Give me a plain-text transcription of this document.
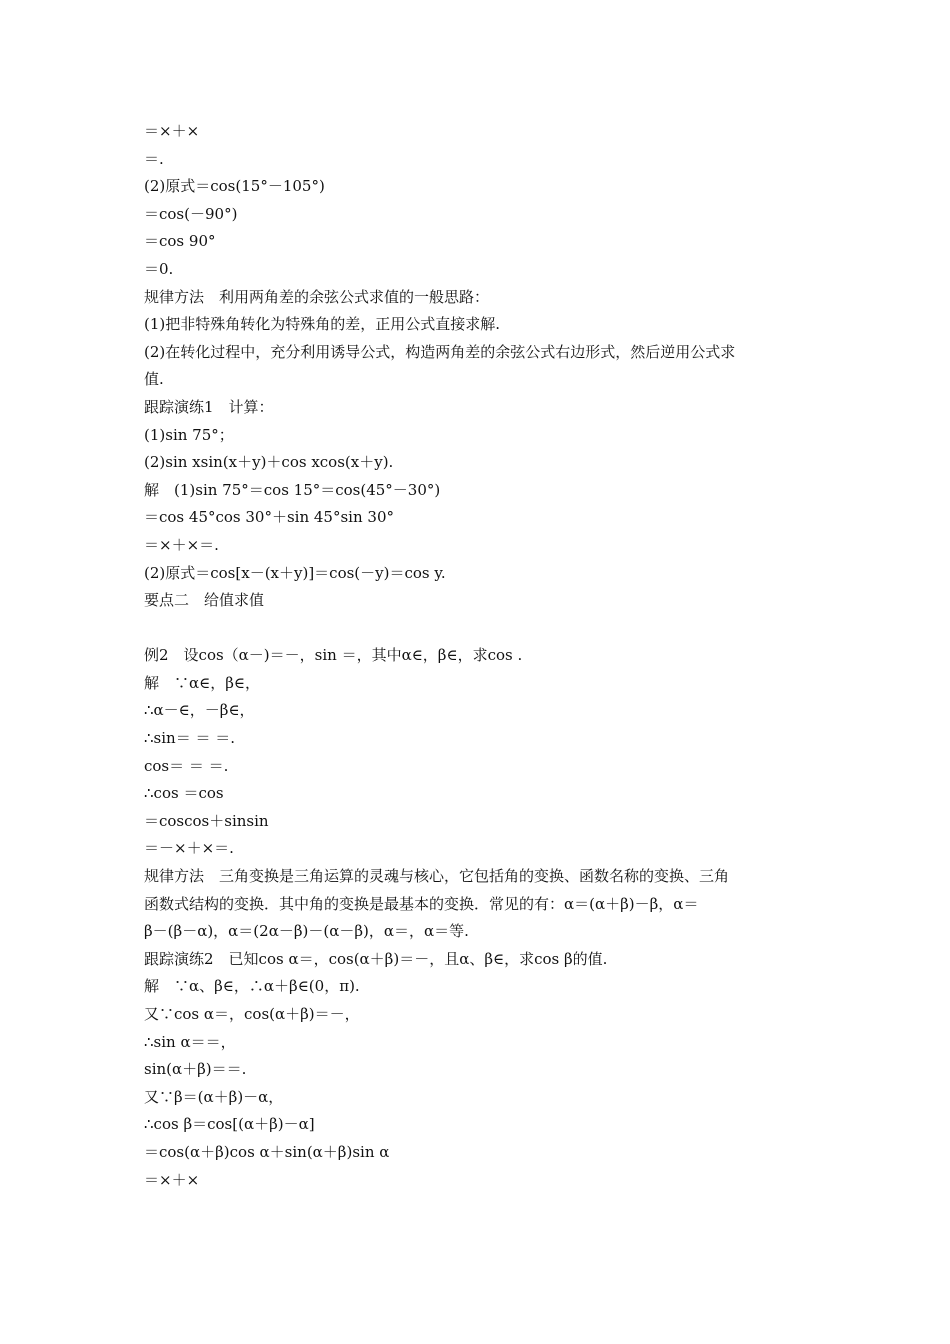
＝×＋×
＝.
(2)原式＝cos(15°－105°)
＝cos(－90°)
＝cos 90°
＝0.
规律方法　利用两角差的余弦公式求值的一般思路：
(1)把非特殊角转化为特殊角的差，正用公式直接求解.
(2)在转化过程中，充分利用诱导公式，构造两角差的余弦公式右边形式，然后逆用公式求
值.
跟踪演练1　计算：
(1)sin 75°；
(2)sin xsin(x＋y)＋cos xcos(x＋y).
解　(1)sin 75°＝cos 15°＝cos(45°－30°)
＝cos 45°cos 30°＋sin 45°sin 30°
＝×＋×＝.
(2)原式＝cos[x－(x＋y)]＝cos(－y)＝cos y.
要点二　给值求值
例2　设cos（α－)＝－，sin ＝，其中α∈，β∈，求cos .
解　∵α∈，β∈，
∴α－∈，－β∈，
∴sin＝ ＝ ＝.
cos＝ ＝ ＝.
∴cos ＝cos
＝coscos＋sinsin
＝－×＋×＝.
规律方法　三角变换是三角运算的灵魂与核心，它包括角的变换、函数名称的变换、三角
函数式结构的变换．其中角的变换是最基本的变换．常见的有：α＝(α＋β)－β，α＝
β－(β－α)，α＝(2α－β)－(α－β)，α＝，α＝等.
跟踪演练2　已知cos α＝，cos(α＋β)＝－，且α、β∈，求cos β的值.
解　∵α、β∈，∴α＋β∈(0，π).
又∵cos α＝，cos(α＋β)＝－，
∴sin α＝＝，
sin(α＋β)＝＝.
又∵β＝(α＋β)－α，
∴cos β＝cos[(α＋β)－α]
＝cos(α＋β)cos α＋sin(α＋β)sin α
＝×＋×
